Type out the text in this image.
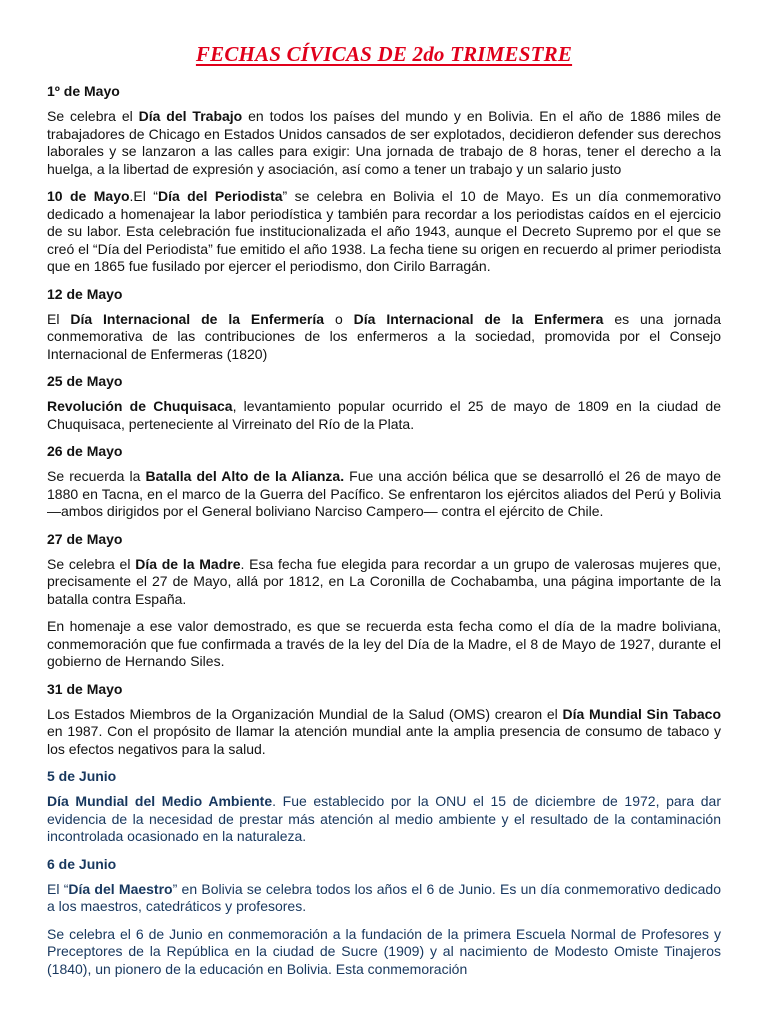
FECHAS CÍVICAS DE 2do TRIMESTRE
1º de Mayo

Se celebra el Día del Trabajo en todos los países del mundo y en Bolivia. En el año de 1886 miles de trabajadores de Chicago en Estados Unidos cansados de ser explotados, decidieron defender sus derechos laborales y se lanzaron a las calles para exigir: Una jornada de trabajo de 8 horas, tener el derecho a la huelga, a la libertad de expresión y asociación, así como a tener un trabajo y un salario justo

10 de Mayo.El “Día del Periodista” se celebra en Bolivia el 10 de Mayo. Es un día conmemorativo dedicado a homenajear la labor periodística y también para recordar a los periodistas caídos en el ejercicio de su labor. Esta celebración fue institucionalizada el año 1943, aunque el Decreto Supremo por el que se creó el “Día del Periodista” fue emitido el año 1938. La fecha tiene su origen en recuerdo al primer periodista que en 1865 fue fusilado por ejercer el periodismo, don Cirilo Barragán.

12 de Mayo

El Día Internacional de la Enfermería o Día Internacional de la Enfermera es una jornada conmemorativa de las contribuciones de los enfermeros a la sociedad, promovida por el Consejo Internacional de Enfermeras (1820)

25 de Mayo

Revolución de Chuquisaca, levantamiento popular ocurrido el 25 de mayo de 1809 en la ciudad de Chuquisaca, perteneciente al Virreinato del Río de la Plata.

26 de Mayo

Se recuerda la Batalla del Alto de la Alianza. Fue una acción bélica que se desarrolló el 26 de mayo de 1880 en Tacna, en el marco de la Guerra del Pacífico. Se enfrentaron los ejércitos aliados del Perú y Bolivia —ambos dirigidos por el General boliviano Narciso Campero— contra el ejército de Chile.

27 de Mayo

Se celebra el Día de la Madre. Esa fecha fue elegida para recordar a un grupo de valerosas mujeres que, precisamente el 27 de Mayo, allá por 1812, en La Coronilla de Cochabamba, una página importante de la batalla contra España.

En homenaje a ese valor demostrado, es que se recuerda esta fecha como el día de la madre boliviana, conmemoración que fue confirmada a través de la ley del Día de la Madre, el 8 de Mayo de 1927, durante el gobierno de Hernando Siles.

31 de Mayo

Los Estados Miembros de la Organización Mundial de la Salud (OMS) crearon el Día Mundial Sin Tabaco en 1987. Con el propósito de llamar la atención mundial ante la amplia presencia de consumo de tabaco y los efectos negativos para la salud.

5 de Junio

Día Mundial del Medio Ambiente. Fue establecido por la ONU el 15 de diciembre de 1972, para dar evidencia de la necesidad de prestar más atención al medio ambiente y el resultado de la contaminación incontrolada ocasionado en la naturaleza.

6 de Junio

El “Día del Maestro” en Bolivia se celebra todos los años el 6 de Junio. Es un día conmemorativo dedicado a los maestros, catedráticos y profesores.

Se celebra el 6 de Junio en conmemoración a la fundación de la primera Escuela Normal de Profesores y Preceptores de la República en la ciudad de Sucre (1909) y al nacimiento de Modesto Omiste Tinajeros (1840), un pionero de la educación en Bolivia. Esta conmemoración
